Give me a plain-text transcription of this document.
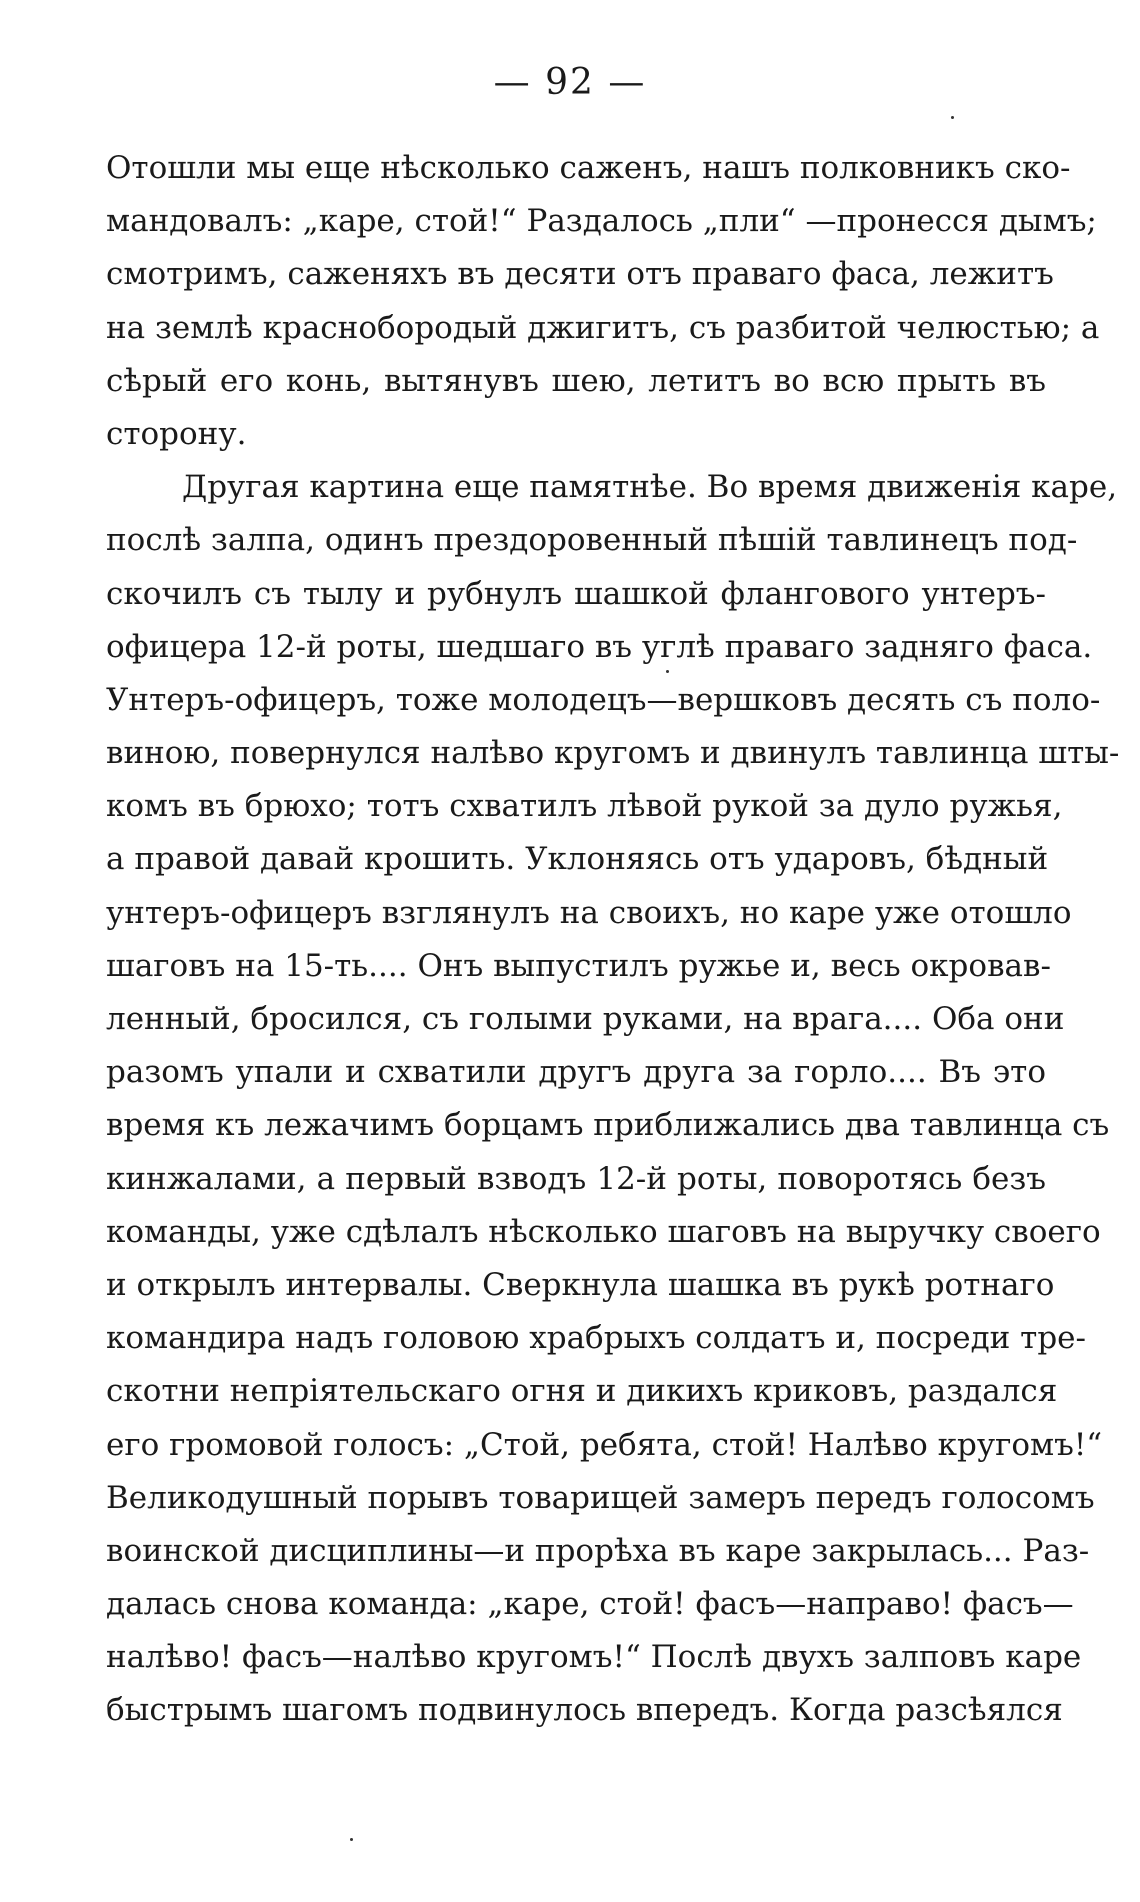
— 92 —
Отошли мы еще нѣсколько саженъ, нашъ полковникъ ско-
мандовалъ: „каре, стой!“ Раздалось „пли“ —пронесся дымъ;
смотримъ, саженяхъ въ десяти отъ праваго фаса, лежитъ
на землѣ краснобородый джигитъ, съ разбитой челюстью; а
сѣрый его конь, вытянувъ шею, летитъ во всю прыть въ
сторону.
Другая картина еще памятнѣе. Во время движенія каре,
послѣ залпа, одинъ прездоровенный пѣшій тавлинецъ под-
скочилъ съ тылу и рубнулъ шашкой флангового унтеръ-
офицера 12-й роты, шедшаго въ углѣ праваго задняго фаса.
Унтеръ-офицеръ, тоже молодецъ—вершковъ десять съ поло-
виною, повернулся налѣво кругомъ и двинулъ тавлинца шты-
комъ въ брюхо; тотъ схватилъ лѣвой рукой за дуло ружья,
а правой давай крошить. Уклоняясь отъ ударовъ, бѣдный
унтеръ-офицеръ взглянулъ на своихъ, но каре уже отошло
шаговъ на 15-ть.... Онъ выпустилъ ружье и, весь окровав-
ленный, бросился, съ голыми руками, на врага.... Оба они
разомъ упали и схватили другъ друга за горло.... Въ это
время къ лежачимъ борцамъ приближались два тавлинца съ
кинжалами, а первый взводъ 12-й роты, поворотясь безъ
команды, уже сдѣлалъ нѣсколько шаговъ на выручку своего
и открылъ интервалы. Сверкнула шашка въ рукѣ ротнаго
командира надъ головою храбрыхъ солдатъ и, посреди тре-
скотни непріятельскаго огня и дикихъ криковъ, раздался
его громовой голосъ: „Стой, ребята, стой! Налѣво кругомъ!“
Великодушный порывъ товарищей замеръ передъ голосомъ
воинской дисциплины—и прорѣха въ каре закрылась... Раз-
далась снова команда: „каре, стой! фасъ—направо! фасъ—
налѣво! фасъ—налѣво кругомъ!“ Послѣ двухъ залповъ каре
быстрымъ шагомъ подвинулось впередъ. Когда разсѣялся
